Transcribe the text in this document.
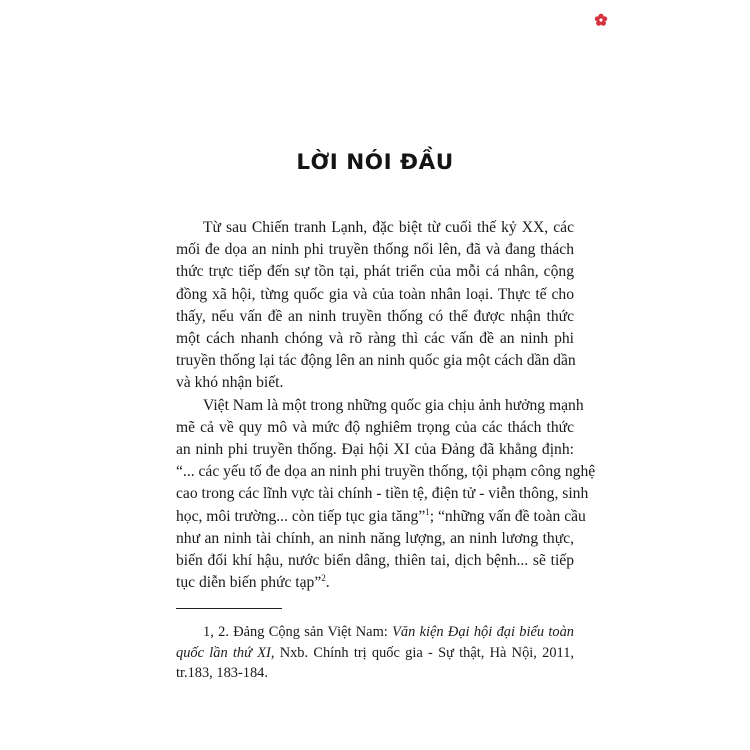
LỜI NÓI ĐẦU

Từ sau Chiến tranh Lạnh, đặc biệt từ cuối thế kỷ XX, các
mối đe dọa an ninh phi truyền thống nổi lên, đã và đang thách
thức trực tiếp đến sự tồn tại, phát triển của mỗi cá nhân, cộng
đồng xã hội, từng quốc gia và của toàn nhân loại. Thực tế cho
thấy, nếu vấn đề an ninh truyền thống có thể được nhận thức
một cách nhanh chóng và rõ ràng thì các vấn đề an ninh phi
truyền thống lại tác động lên an ninh quốc gia một cách dần dần
và khó nhận biết.

Việt Nam là một trong những quốc gia chịu ảnh hưởng mạnh
mẽ cả về quy mô và mức độ nghiêm trọng của các thách thức
an ninh phi truyền thống. Đại hội XI của Đảng đã khẳng định:
“... các yếu tố đe dọa an ninh phi truyền thống, tội phạm công nghệ
cao trong các lĩnh vực tài chính - tiền tệ, điện tử - viễn thông, sinh
học, môi trường... còn tiếp tục gia tăng”$^1$; “những vấn đề toàn cầu
như an ninh tài chính, an ninh năng lượng, an ninh lương thực,
biến đổi khí hậu, nước biển dâng, thiên tai, dịch bệnh... sẽ tiếp
tục diễn biến phức tạp”$^2$.

1, 2. Đảng Cộng sản Việt Nam: Văn kiện Đại hội đại biểu toàn
quốc lần thứ XI, Nxb. Chính trị quốc gia - Sự thật, Hà Nội, 2011,
tr.183, 183-184.
